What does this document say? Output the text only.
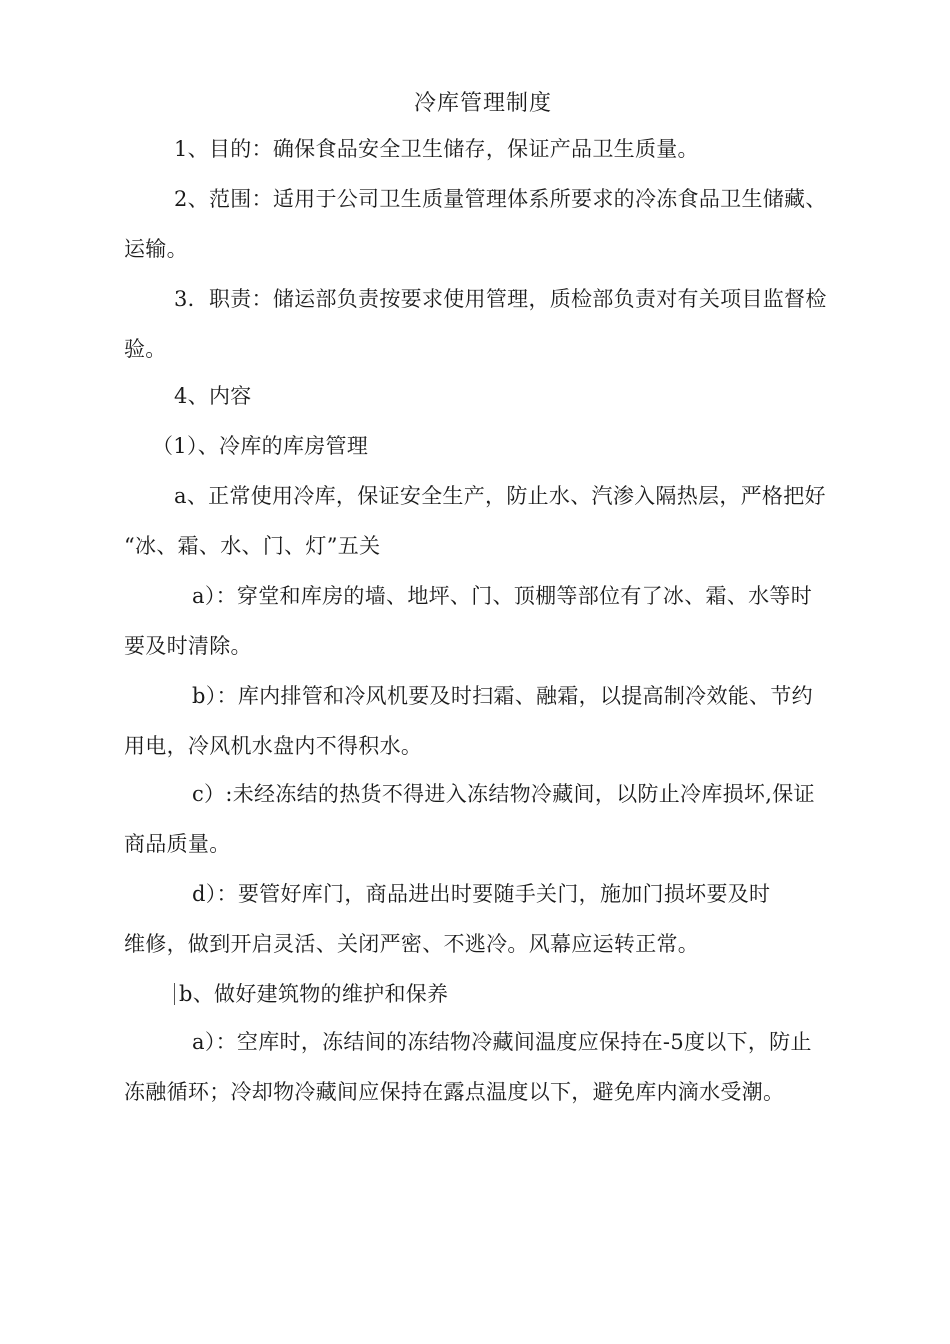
冷库管理制度
1、目的：确保食品安全卫生储存，保证产品卫生质量。
2、范围：适用于公司卫生质量管理体系所要求的冷冻食品卫生储藏、
运输。
3．职责：储运部负责按要求使用管理，质检部负责对有关项目监督检
验。
4、内容
（1）、冷库的库房管理
a、正常使用冷库，保证安全生产，防止水、汽渗入隔热层，严格把好
“冰、霜、水、门、灯”五关
a）：穿堂和库房的墙、地坪、门、顶棚等部位有了冰、霜、水等时
要及时清除。
b）：库内排管和冷风机要及时扫霜、融霜，以提高制冷效能、节约
用电，冷风机水盘内不得积水。
c）:未经冻结的热货不得进入冻结物冷藏间，以防止冷库损坏,保证
商品质量。
d）：要管好库门，商品进出时要随手关门，施加门损坏要及时
维修，做到开启灵活、关闭严密、不逃冷。风幕应运转正常。
b、做好建筑物的维护和保养
a）：空库时，冻结间的冻结物冷藏间温度应保持在-5度以下，防止
冻融循环；冷却物冷藏间应保持在露点温度以下，避免库内滴水受潮。
